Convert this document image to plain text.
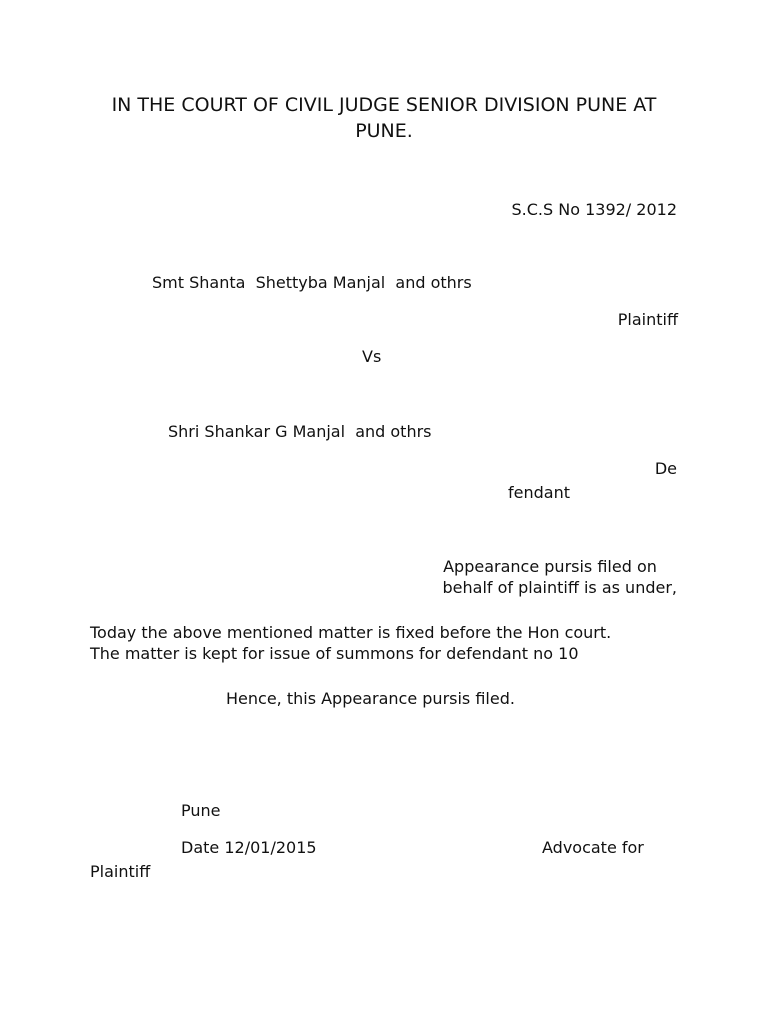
IN THE COURT OF CIVIL JUDGE SENIOR DIVISION PUNE AT
PUNE.
S.C.S No 1392/ 2012
Smt Shanta  Shettyba Manjal  and othrs
Plaintiff
Vs
Shri Shankar G Manjal  and othrs
De
fendant
Appearance pursis filed on
behalf of plaintiff is as under,
Today the above mentioned matter is fixed before the Hon court.
The matter is kept for issue of summons for defendant no 10
Hence, this Appearance pursis filed.
Pune
Date 12/01/2015	Advocate for
Plaintiff
